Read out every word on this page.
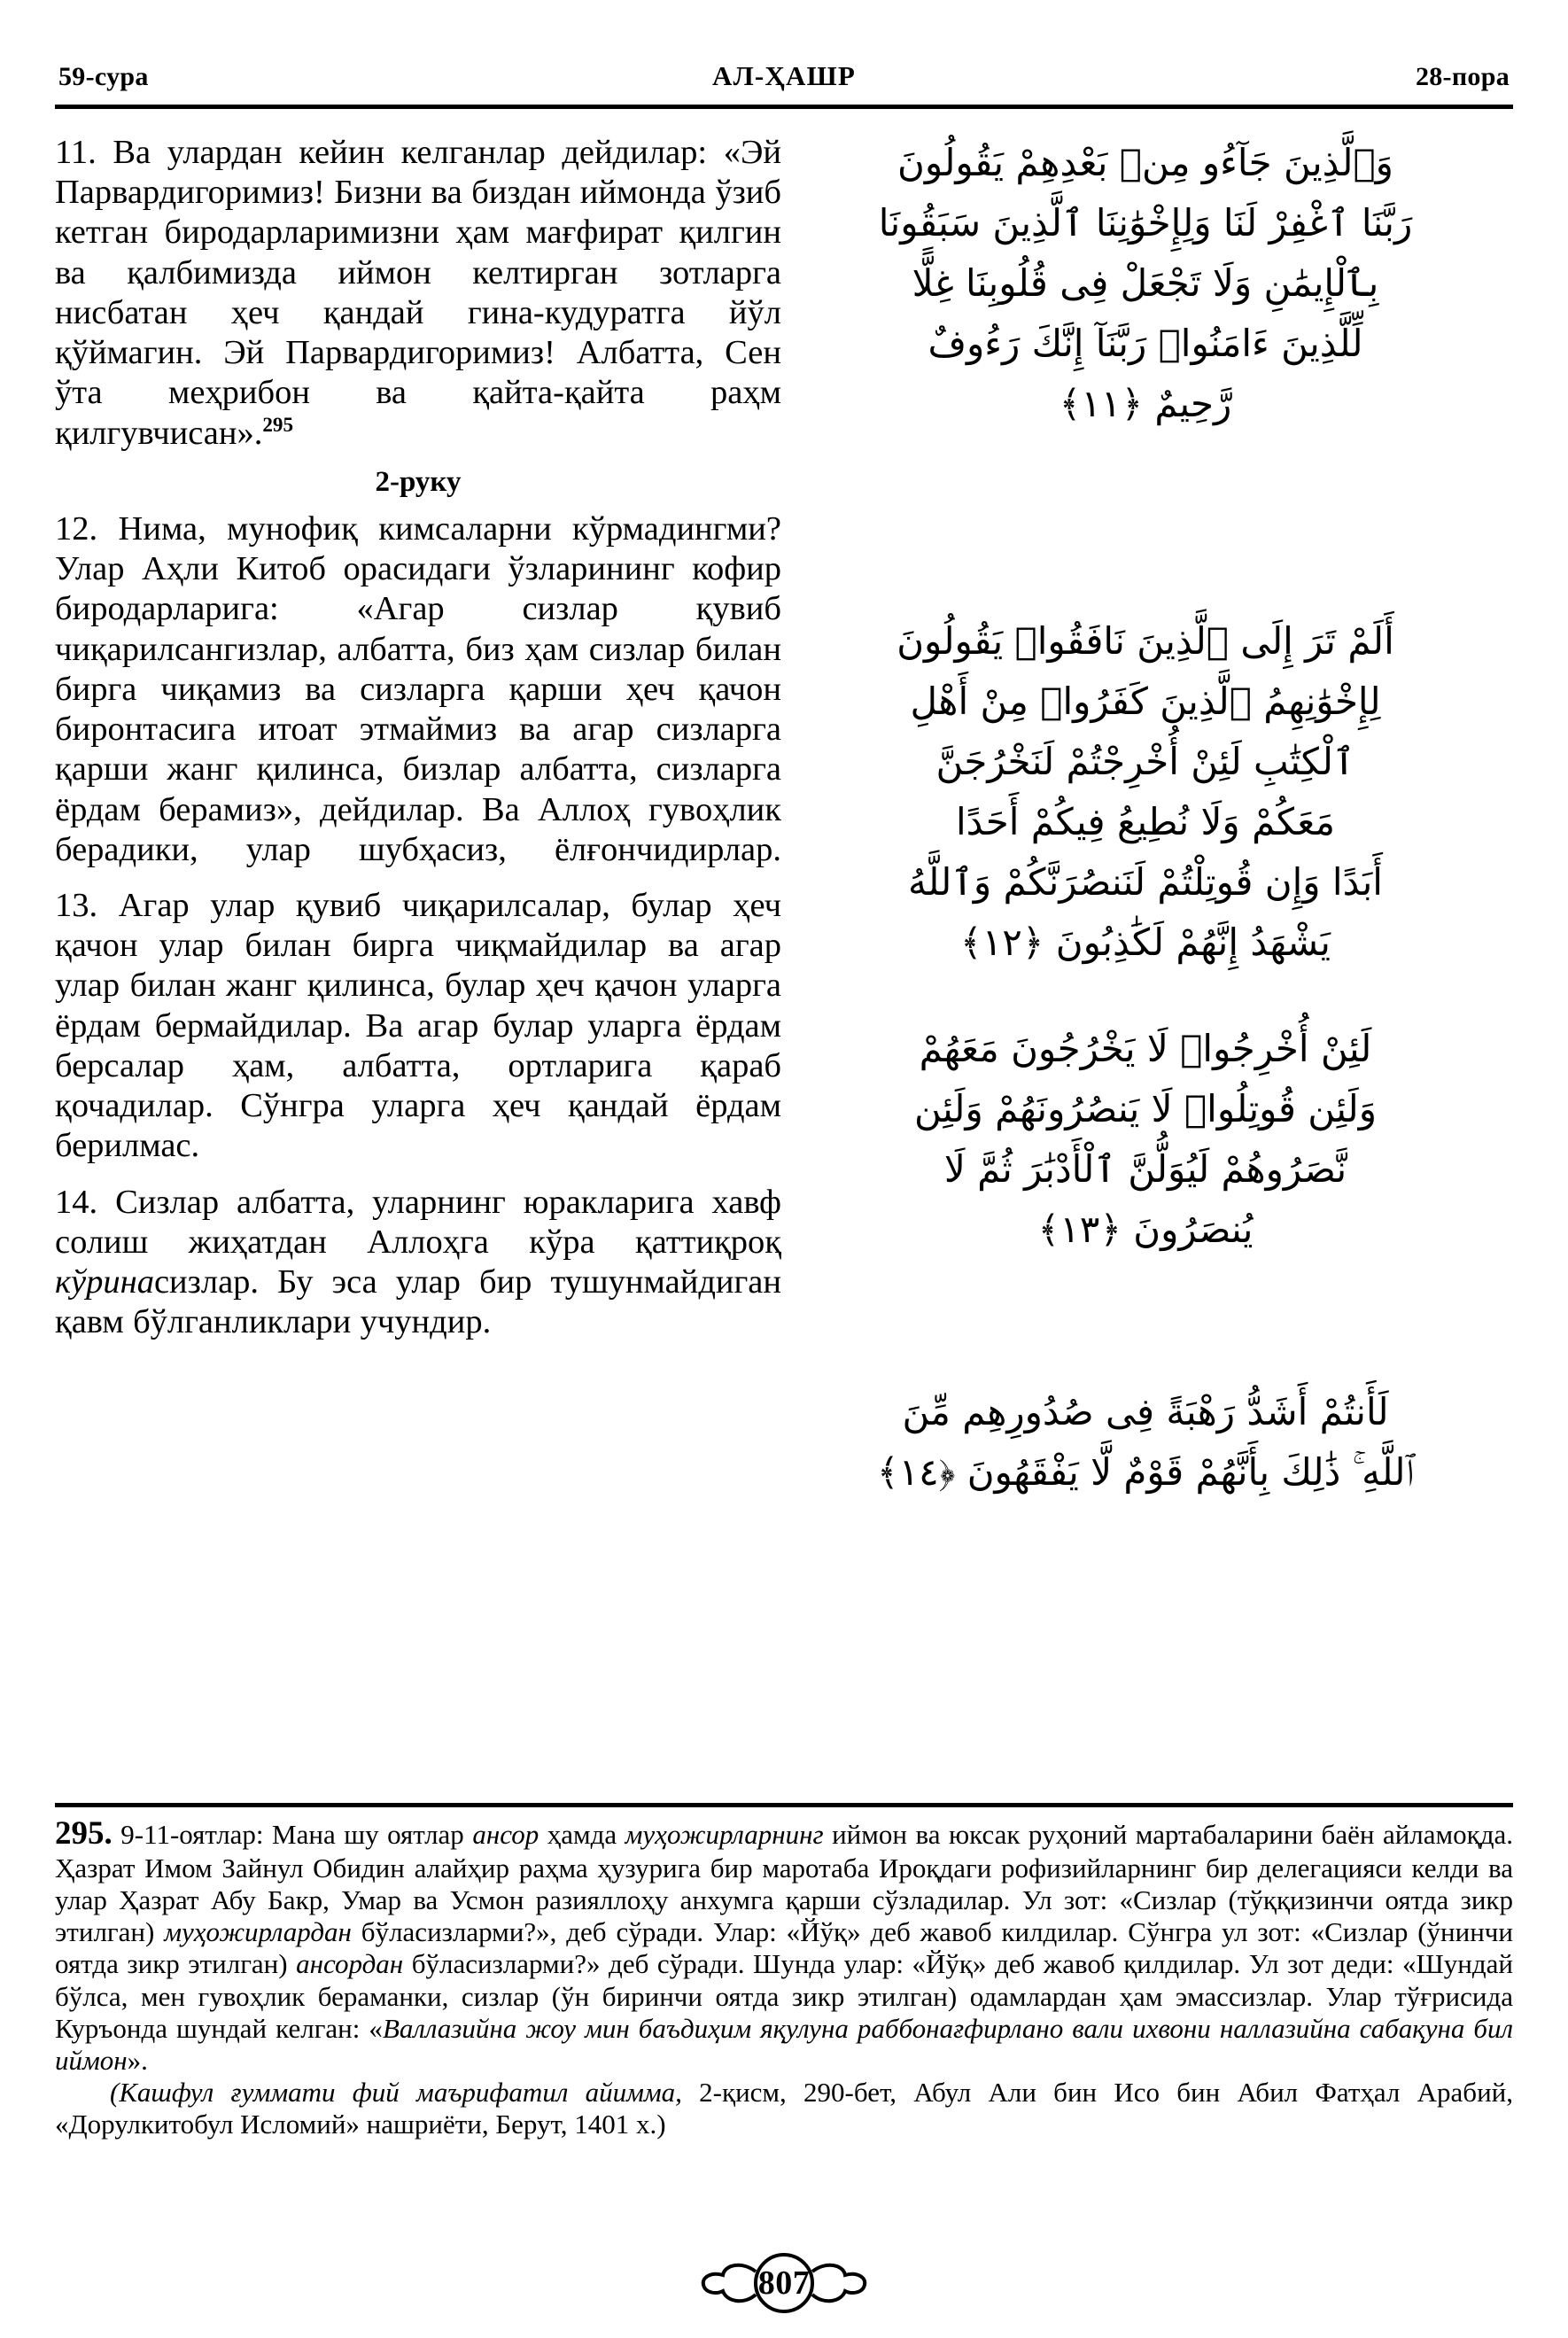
59-сура	АЛ-ҲАШР	28-пора

11. Ва улардан кейин келганлар дейдилар: «Эй Парвардигоримиз! Бизни ва биздан иймонда ўзиб кетган биродарларимизни ҳам мағфират қилгин ва қалбимизда иймон келтирган зотларга нисбатан ҳеч қандай гина-кудуратга йўл қўймагин. Эй Парвардигоримиз! Албатта, Сен ўта меҳрибон ва қайта-қайта раҳм қилгувчисан».$^{295}$

2-руку

12. Нима, мунофиқ кимсаларни кўрмадингми? Улар Аҳли Китоб орасидаги ўзларининг кофир биродарларига: «Агар сизлар қувиб чиқарилсангизлар, албатта, биз ҳам сизлар билан бирга чиқамиз ва сизларга қарши ҳеч қачон биронтасига итоат этмаймиз ва агар сизларга қарши жанг қилинса, бизлар албатта, сизларга ёрдам берамиз», дейдилар. Ва Аллоҳ гувоҳлик берадики, улар шубҳасиз, ёлғончидирлар.

13. Агар улар қувиб чиқарилсалар, булар ҳеч қачон улар билан бирга чиқмайдилар ва агар улар билан жанг қилинса, булар ҳеч қачон уларга ёрдам бермайдилар. Ва агар булар уларга ёрдам берсалар ҳам, албатта, ортларига қараб қочадилар. Сўнгра уларга ҳеч қандай ёрдам берилмас.

14. Сизлар албатта, уларнинг юракларига хавф солиш жиҳатдан Аллоҳга кўра қаттиқроқ кўринасизлар. Бу эса улар бир тушунмайдиган қавм бўлганликлари учундир.

وَٱلَّذِينَ جَآءُو مِنۢ بَعْدِهِمْ يَقُولُونَ
رَبَّنَا ٱغْفِرْ لَنَا وَلِإِخْوَٰنِنَا ٱلَّذِينَ سَبَقُونَا
بِٱلْإِيمَٰنِ وَلَا تَجْعَلْ فِى قُلُوبِنَا غِلًّا
لِّلَّذِينَ ءَامَنُوا۟ رَبَّنَآ إِنَّكَ رَءُوفٌ
رَّحِيمٌ ﴿١١﴾
أَلَمْ تَرَ إِلَى ٱلَّذِينَ نَافَقُوا۟ يَقُولُونَ
لِإِخْوَٰنِهِمُ ٱلَّذِينَ كَفَرُوا۟ مِنْ أَهْلِ
ٱلْكِتَٰبِ لَئِنْ أُخْرِجْتُمْ لَنَخْرُجَنَّ
مَعَكُمْ وَلَا نُطِيعُ فِيكُمْ أَحَدًا
أَبَدًا وَإِن قُوتِلْتُمْ لَنَنصُرَنَّكُمْ وَٱللَّهُ
يَشْهَدُ إِنَّهُمْ لَكَٰذِبُونَ ﴿١٢﴾
لَئِنْ أُخْرِجُوا۟ لَا يَخْرُجُونَ مَعَهُمْ
وَلَئِن قُوتِلُوا۟ لَا يَنصُرُونَهُمْ وَلَئِن
نَّصَرُوهُمْ لَيُوَلُّنَّ ٱلْأَدْبَٰرَ ثُمَّ لَا
يُنصَرُونَ ﴿١٣﴾
لَأَنتُمْ أَشَدُّ رَهْبَةً فِى صُدُورِهِم مِّنَ
ٱللَّهِ ۚ ذَٰلِكَ بِأَنَّهُمْ قَوْمٌ لَّا يَفْقَهُونَ ﴿١٤﴾

295. 9-11-оятлар: Мана шу оятлар ансор ҳамда муҳожирларнинг иймон ва юксак руҳоний мартабаларини баён айламоқда. Ҳазрат Имом Зайнул Обидин алайҳир раҳма ҳузурига бир маротаба Ироқдаги рофизийларнинг бир делегацияси келди ва улар Ҳазрат Абу Бакр, Умар ва Усмон разияллоҳу анхумга қарши сўзладилар. Ул зот: «Сизлар (тўққизинчи оятда зикр этилган) муҳожирлардан бўласизларми?», деб сўради. Улар: «Йўқ» деб жавоб килдилар. Сўнгра ул зот: «Сизлар (ўнинчи оятда зикр этилган) ансордан бўласизларми?» деб сўради. Шунда улар: «Йўқ» деб жавоб қилдилар. Ул зот деди: «Шундай бўлса, мен гувоҳлик бераманки, сизлар (ўн биринчи оятда зикр этилган) одамлардан ҳам эмассизлар. Улар тўғрисида Куръонда шундай келган: «Валлазийна жоу мин баъдиҳим яқулуна раббонағфирлано вали ихвони наллазийна сабақуна бил иймон».

(Кашфул ғуммати фий маърифатил айимма, 2-қисм, 290-бет, Абул Али бин Исо бин Абил Фатҳал Арабий, «Дорулкитобул Исломий» нашриёти, Берут, 1401 х.)

807
